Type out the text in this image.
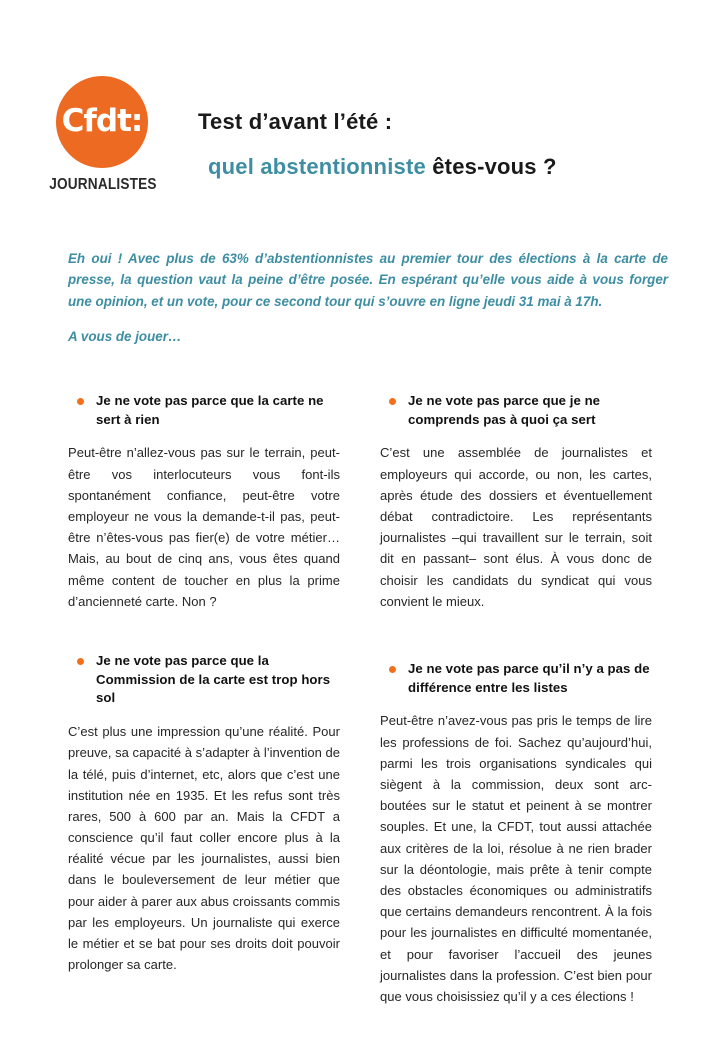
Cfdt:
JOURNALISTES
Test d’avant l’été :
quel abstentionniste êtes-vous ?

Eh oui ! Avec plus de 63% d’abstentionnistes au premier tour des élections à la carte de presse, la question vaut la peine d’être posée. En espérant qu’elle vous aide à vous forger une opinion, et un vote, pour ce second tour qui s’ouvre en ligne jeudi 31 mai à 17h.

A vous de jouer…

Je ne vote pas parce que la carte ne sert à rien

Peut-être n’allez-vous pas sur le terrain, peut-être vos interlocuteurs vous font-ils spontanément confiance, peut-être votre employeur ne vous la demande-t-il pas, peut-être n’êtes-vous pas fier(e) de votre métier… Mais, au bout de cinq ans, vous êtes quand même content de toucher en plus la prime d’ancienneté carte. Non ?

Je ne vote pas parce que la Commission de la carte est trop hors sol

C’est plus une impression qu’une réalité. Pour preuve, sa capacité à s’adapter à l’invention de la télé, puis d’internet, etc, alors que c’est une institution née en 1935. Et les refus sont très rares, 500 à 600 par an. Mais la CFDT a conscience qu’il faut coller encore plus à la réalité vécue par les journalistes, aussi bien dans le bouleversement de leur métier que pour aider à parer aux abus croissants commis par les employeurs. Un journaliste qui exerce le métier et se bat pour ses droits doit pouvoir prolonger sa carte.

Je ne vote pas parce que je ne comprends pas à quoi ça sert

C’est une assemblée de journalistes et employeurs qui accorde, ou non, les cartes, après étude des dossiers et éventuellement débat contradictoire. Les représentants journalistes –qui travaillent sur le terrain, soit dit en passant– sont élus. À vous donc de choisir les candidats du syndicat qui vous convient le mieux.

Je ne vote pas parce qu’il n’y a pas de différence entre les listes

Peut-être n’avez-vous pas pris le temps de lire les professions de foi. Sachez qu’aujourd’hui, parmi les trois organisations syndicales qui siègent à la commission, deux sont arc-boutées sur le statut et peinent à se montrer souples. Et une, la CFDT, tout aussi attachée aux critères de la loi, résolue à ne rien brader sur la déontologie, mais prête à tenir compte des obstacles économiques ou administratifs que certains demandeurs rencontrent. À la fois pour les journalistes en difficulté momentanée, et pour favoriser l’accueil des jeunes journalistes dans la profession. C’est bien pour que vous choisissiez qu’il y a ces élections !
